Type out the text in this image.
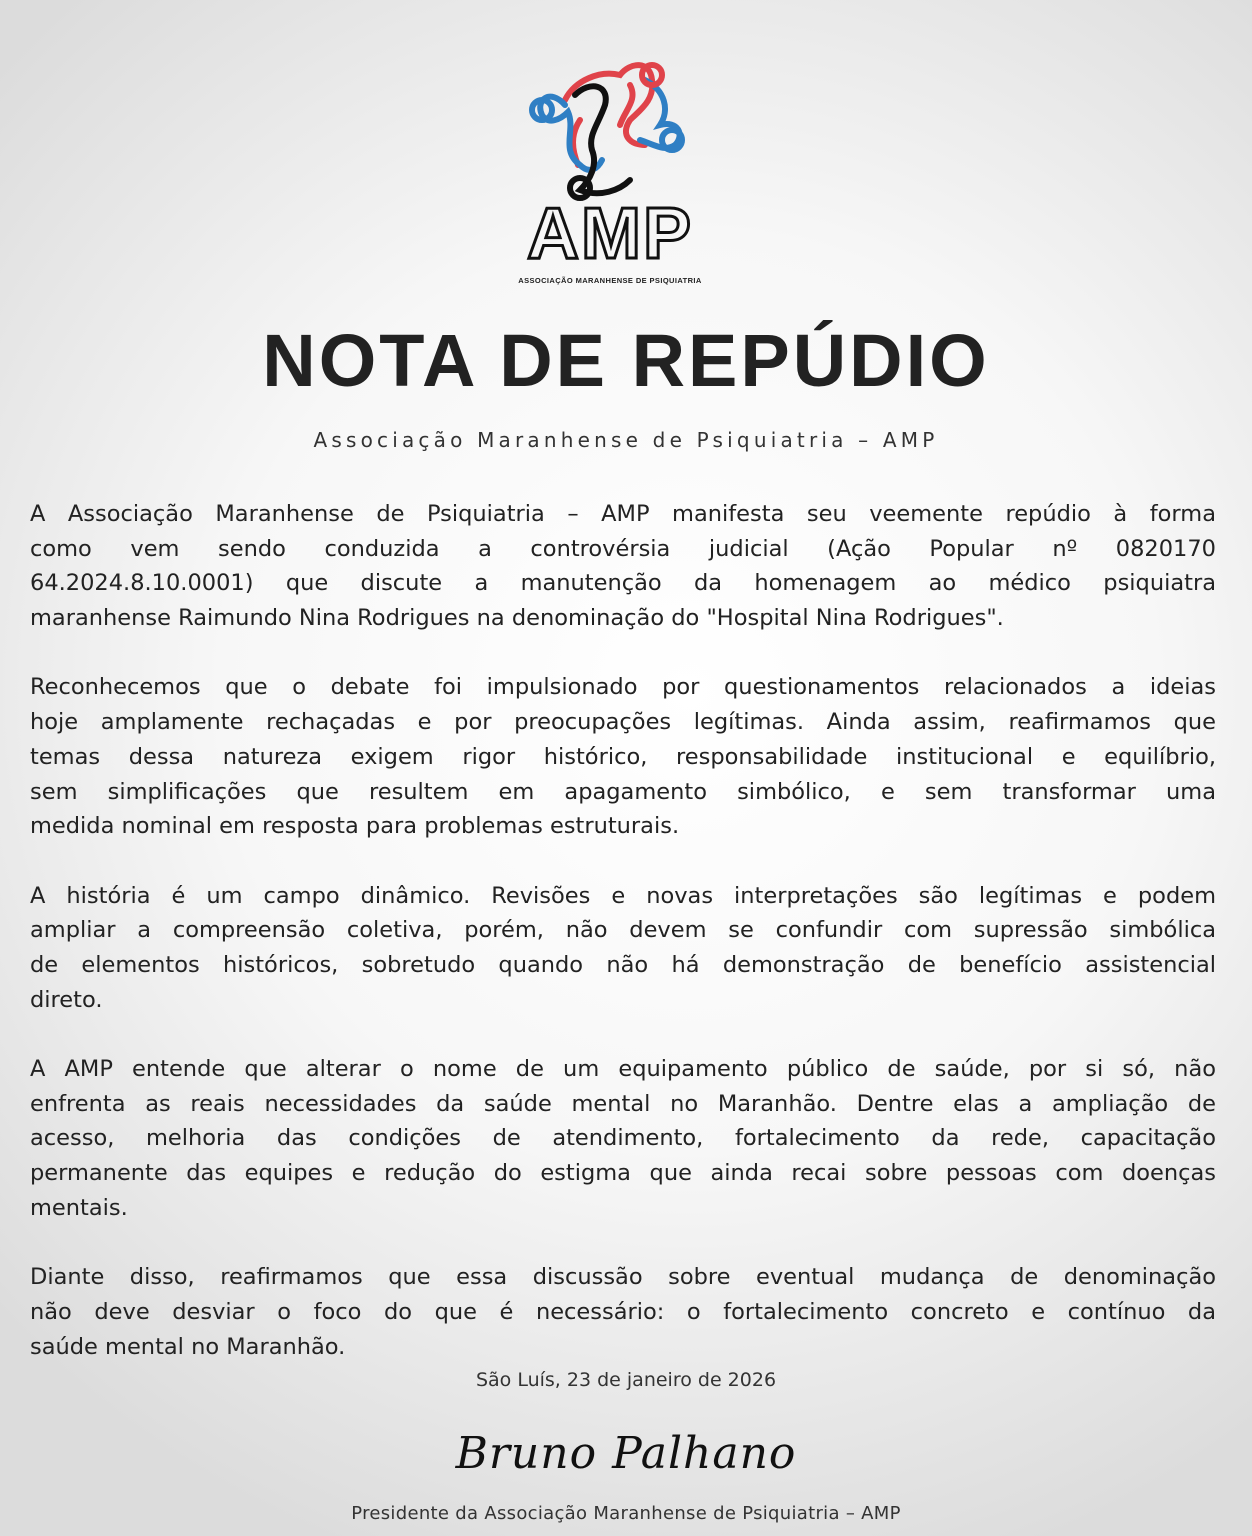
AMP
ASSOCIAÇÃO MARANHENSE DE PSIQUIATRIA
NOTA DE REPÚDIO
Associação Maranhense de Psiquiatria – AMP
A Associação Maranhense de Psiquiatria – AMP manifesta seu veemente repúdio à forma
como vem sendo conduzida a controvérsia judicial (Ação Popular nº 0820170
64.2024.8.10.0001) que discute a manutenção da homenagem ao médico psiquiatra
maranhense Raimundo Nina Rodrigues na denominação do "Hospital Nina Rodrigues".
Reconhecemos que o debate foi impulsionado por questionamentos relacionados a ideias
hoje amplamente rechaçadas e por preocupações legítimas. Ainda assim, reafirmamos que
temas dessa natureza exigem rigor histórico, responsabilidade institucional e equilíbrio,
sem simplificações que resultem em apagamento simbólico, e sem transformar uma
medida nominal em resposta para problemas estruturais.
A história é um campo dinâmico. Revisões e novas interpretações são legítimas e podem
ampliar a compreensão coletiva, porém, não devem se confundir com supressão simbólica
de elementos históricos, sobretudo quando não há demonstração de benefício assistencial
direto.
A AMP entende que alterar o nome de um equipamento público de saúde, por si só, não
enfrenta as reais necessidades da saúde mental no Maranhão. Dentre elas a ampliação de
acesso, melhoria das condições de atendimento, fortalecimento da rede, capacitação
permanente das equipes e redução do estigma que ainda recai sobre pessoas com doenças
mentais.
Diante disso, reafirmamos que essa discussão sobre eventual mudança de denominação
não deve desviar o foco do que é necessário: o fortalecimento concreto e contínuo da
saúde mental no Maranhão.
São Luís, 23 de janeiro de 2026
Bruno Palhano
Presidente da Associação Maranhense de Psiquiatria – AMP
